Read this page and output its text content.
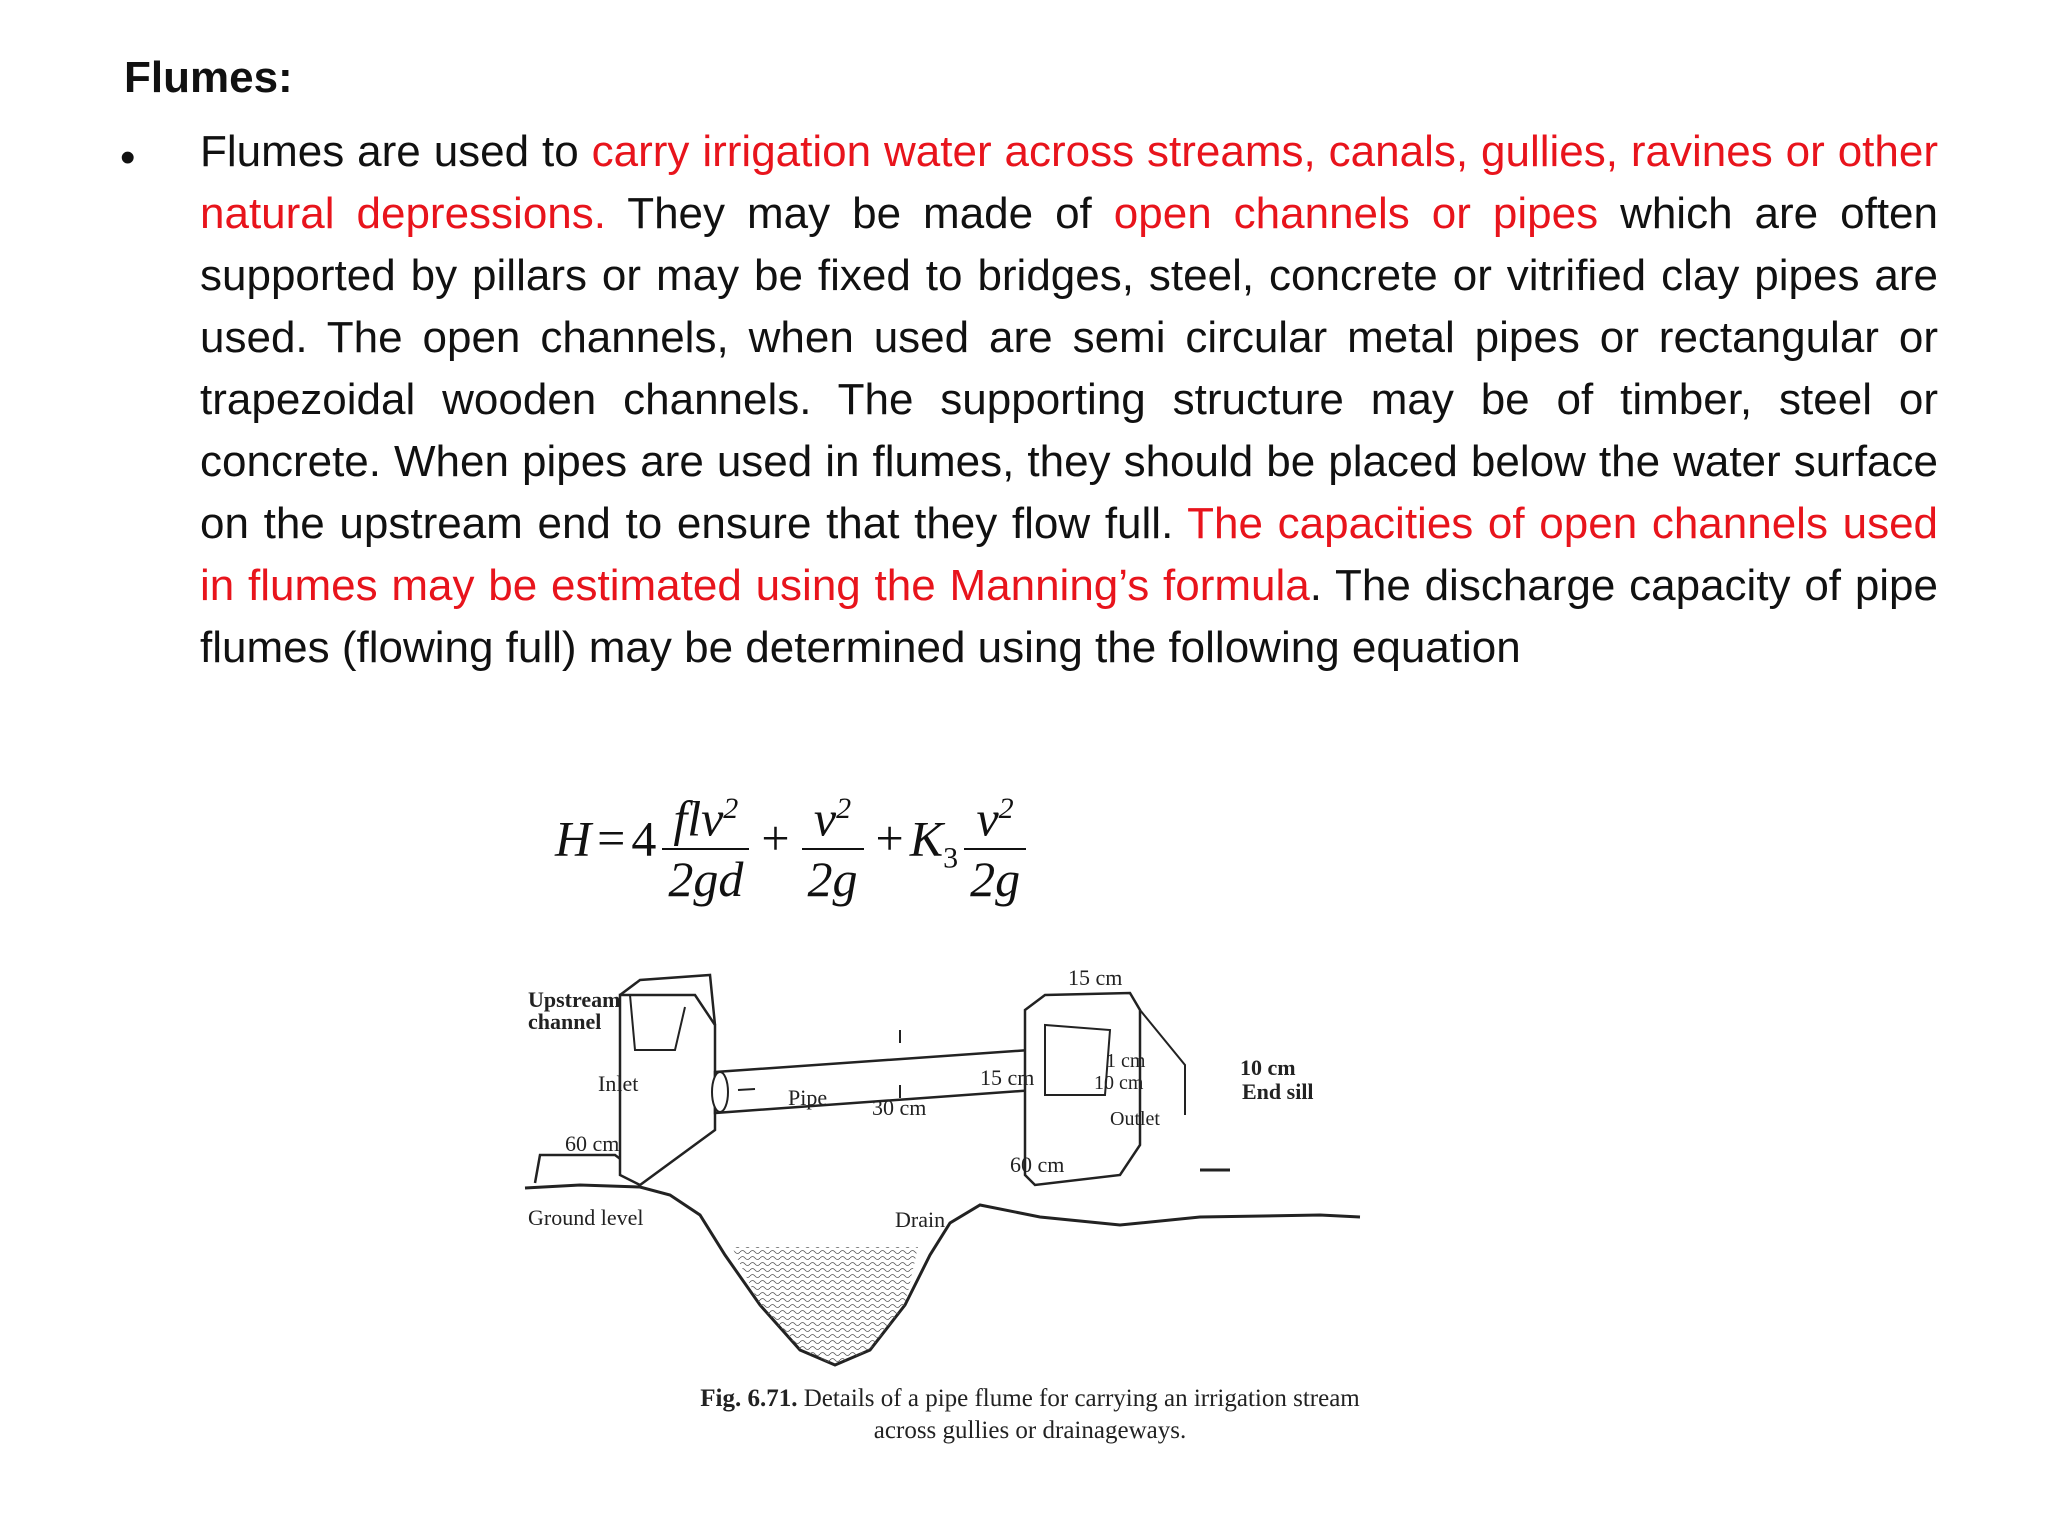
Flumes:
• Flumes are used to carry irrigation water across streams, canals, gullies, ravines or other natural depressions. They may be made of open channels or pipes which are often supported by pillars or may be fixed to bridges, steel, concrete or vitrified clay pipes are used. The open channels, when used are semi circular metal pipes or rectangular or trapezoidal wooden channels. The supporting structure may be of timber, steel or concrete. When pipes are used in flumes, they should be placed below the water surface on the upstream end to ensure that they flow full. The capacities of open channels used in flumes may be estimated using the Manning’s formula. The discharge capacity of pipe flumes (flowing full) may be determined using the following equation

$H = 4 \frac{flv^2}{2gd} + \frac{v^2}{2g} + K_3 \frac{v^2}{2g}$
Upstream
channel
Inlet
60 cm
Ground level
Pipe 30 cm
Drain
15 cm
15 cm
1 cm
10 cm
Outlet
60 cm
10 cm
End sill
Fig. 6.71. Details of a pipe flume for carrying an irrigation stream across gullies or drainageways.
